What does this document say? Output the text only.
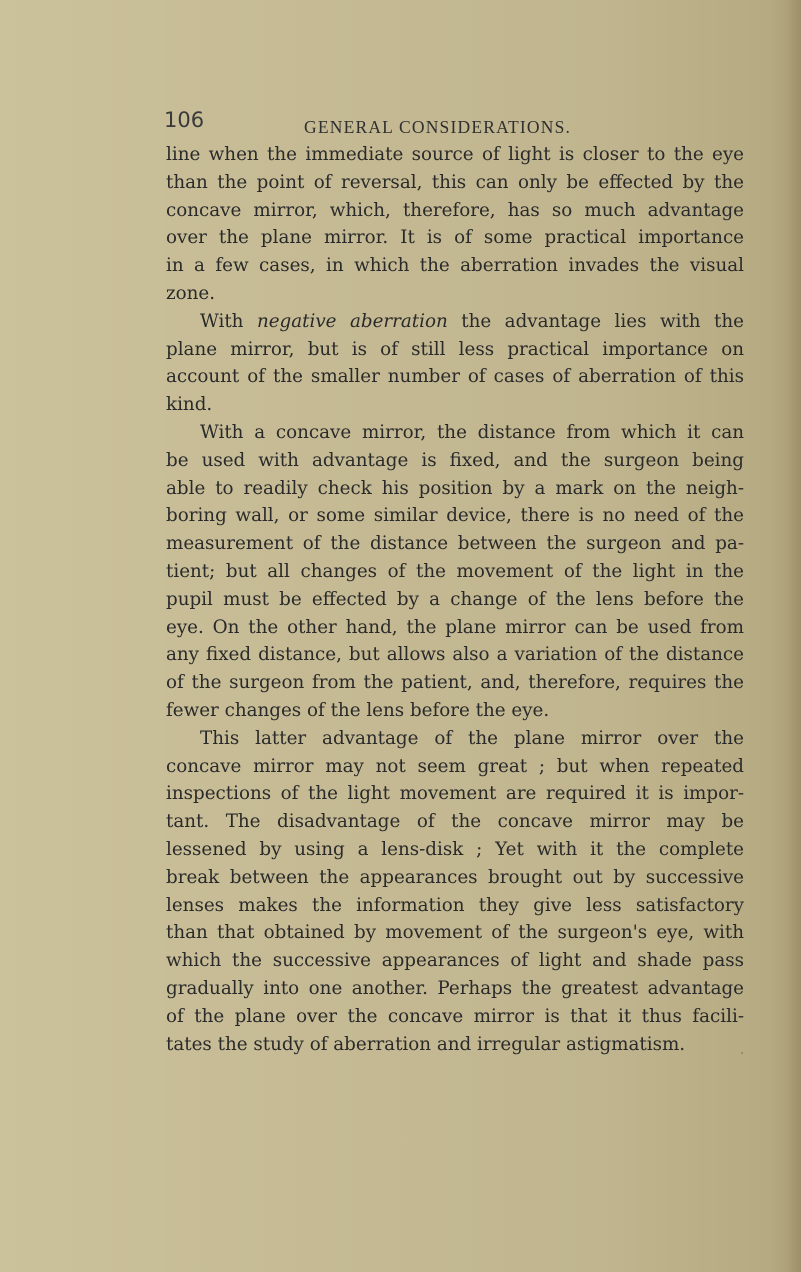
106	GENERAL CONSIDERATIONS.
line when the immediate source of light is closer to the eye
than the point of reversal, this can only be effected by the
concave mirror, which, therefore, has so much advantage
over the plane mirror. It is of some practical importance
in a few cases, in which the aberration invades the visual
zone.
With negative aberration the advantage lies with the
plane mirror, but is of still less practical importance on
account of the smaller number of cases of aberration of this
kind.
With a concave mirror, the distance from which it can
be used with advantage is fixed, and the surgeon being
able to readily check his position by a mark on the neigh-
boring wall, or some similar device, there is no need of the
measurement of the distance between the surgeon and pa-
tient; but all changes of the movement of the light in the
pupil must be effected by a change of the lens before the
eye. On the other hand, the plane mirror can be used from
any fixed distance, but allows also a variation of the distance
of the surgeon from the patient, and, therefore, requires the
fewer changes of the lens before the eye.
This latter advantage of the plane mirror over the
concave mirror may not seem great ; but when repeated
inspections of the light movement are required it is impor-
tant. The disadvantage of the concave mirror may be
lessened by using a lens-disk ; Yet with it the complete
break between the appearances brought out by successive
lenses makes the information they give less satisfactory
than that obtained by movement of the surgeon's eye, with
which the successive appearances of light and shade pass
gradually into one another. Perhaps the greatest advantage
of the plane over the concave mirror is that it thus facili-
tates the study of aberration and irregular astigmatism.
